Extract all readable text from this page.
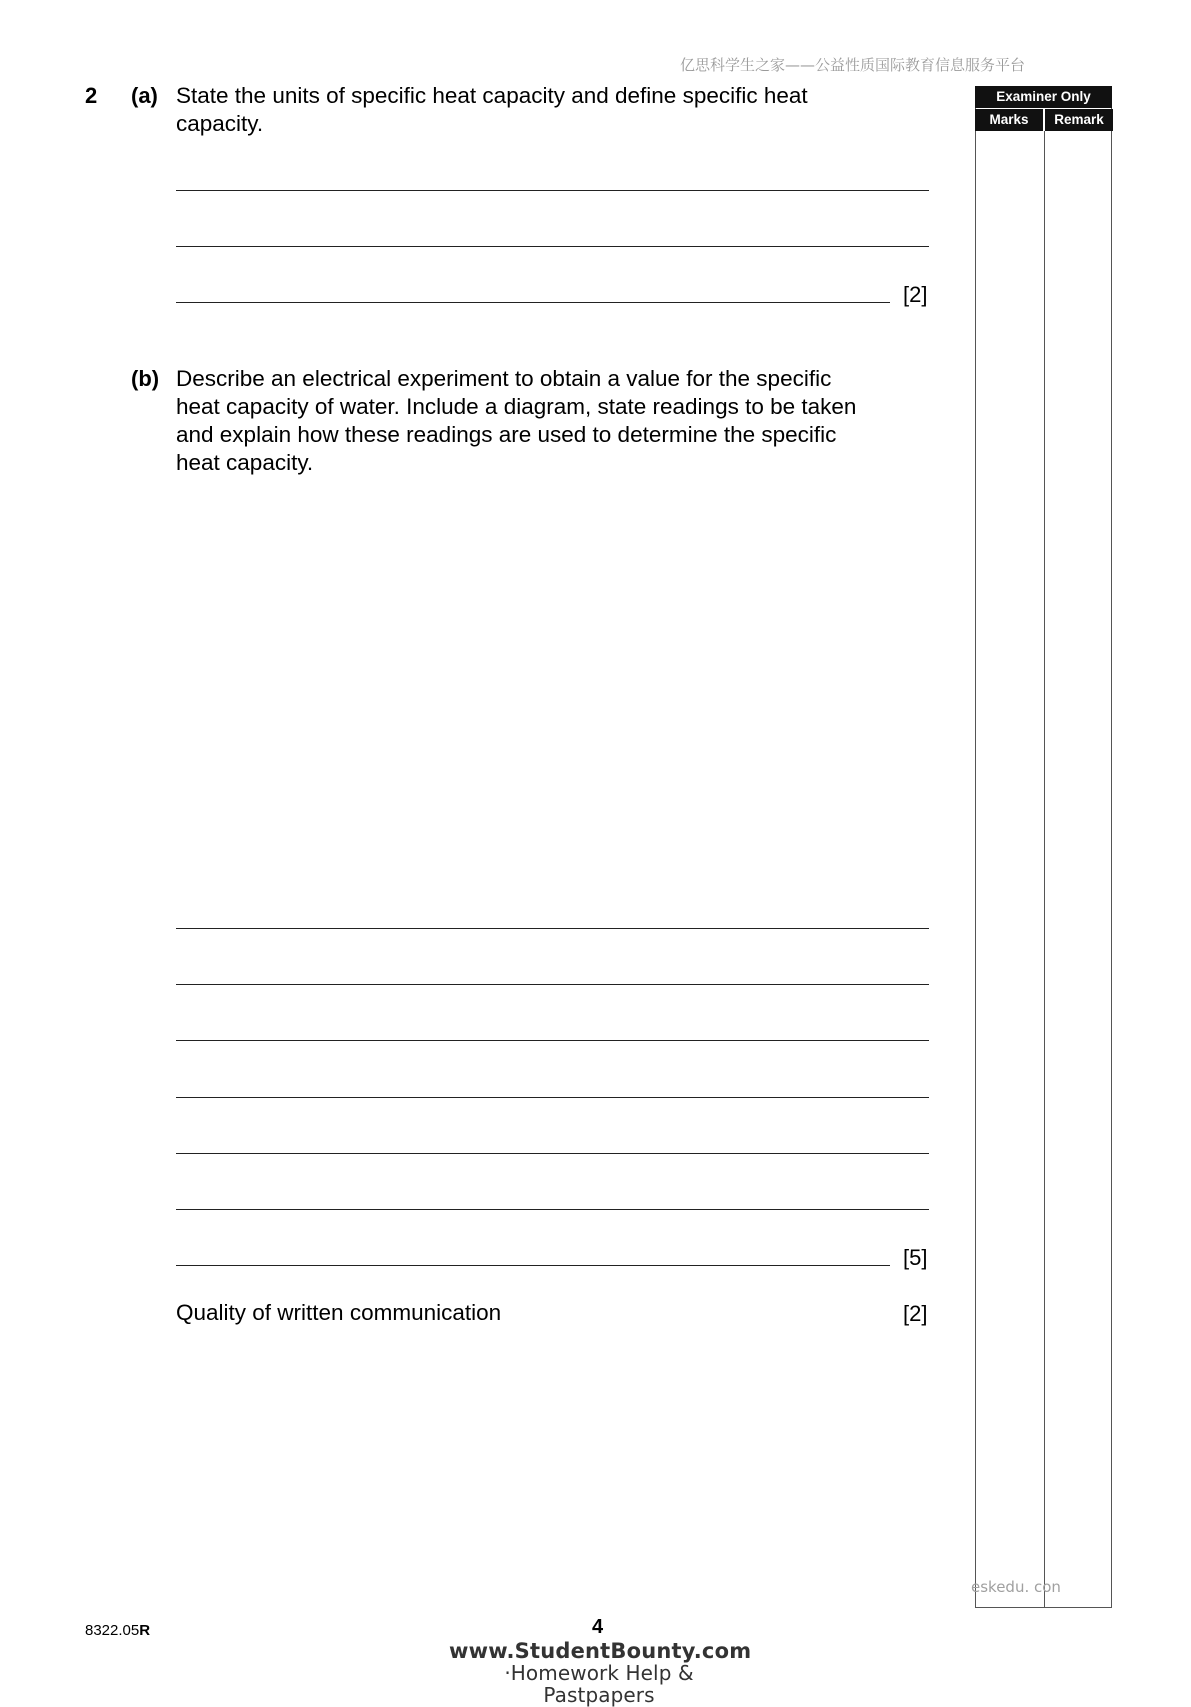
亿思科学生之家——公益性质国际教育信息服务平台
2 (a) State the units of specific heat capacity and define specific heat
capacity.
[2]
(b) Describe an electrical experiment to obtain a value for the specific
heat capacity of water. Include a diagram, state readings to be taken
and explain how these readings are used to determine the specific
heat capacity.
[5]
Quality of written communication	[2]
Examiner Only
Marks	Remark
eskedu. con
8322.05R	4
www.StudentBounty.com
·Homework Help & Pastpapers
